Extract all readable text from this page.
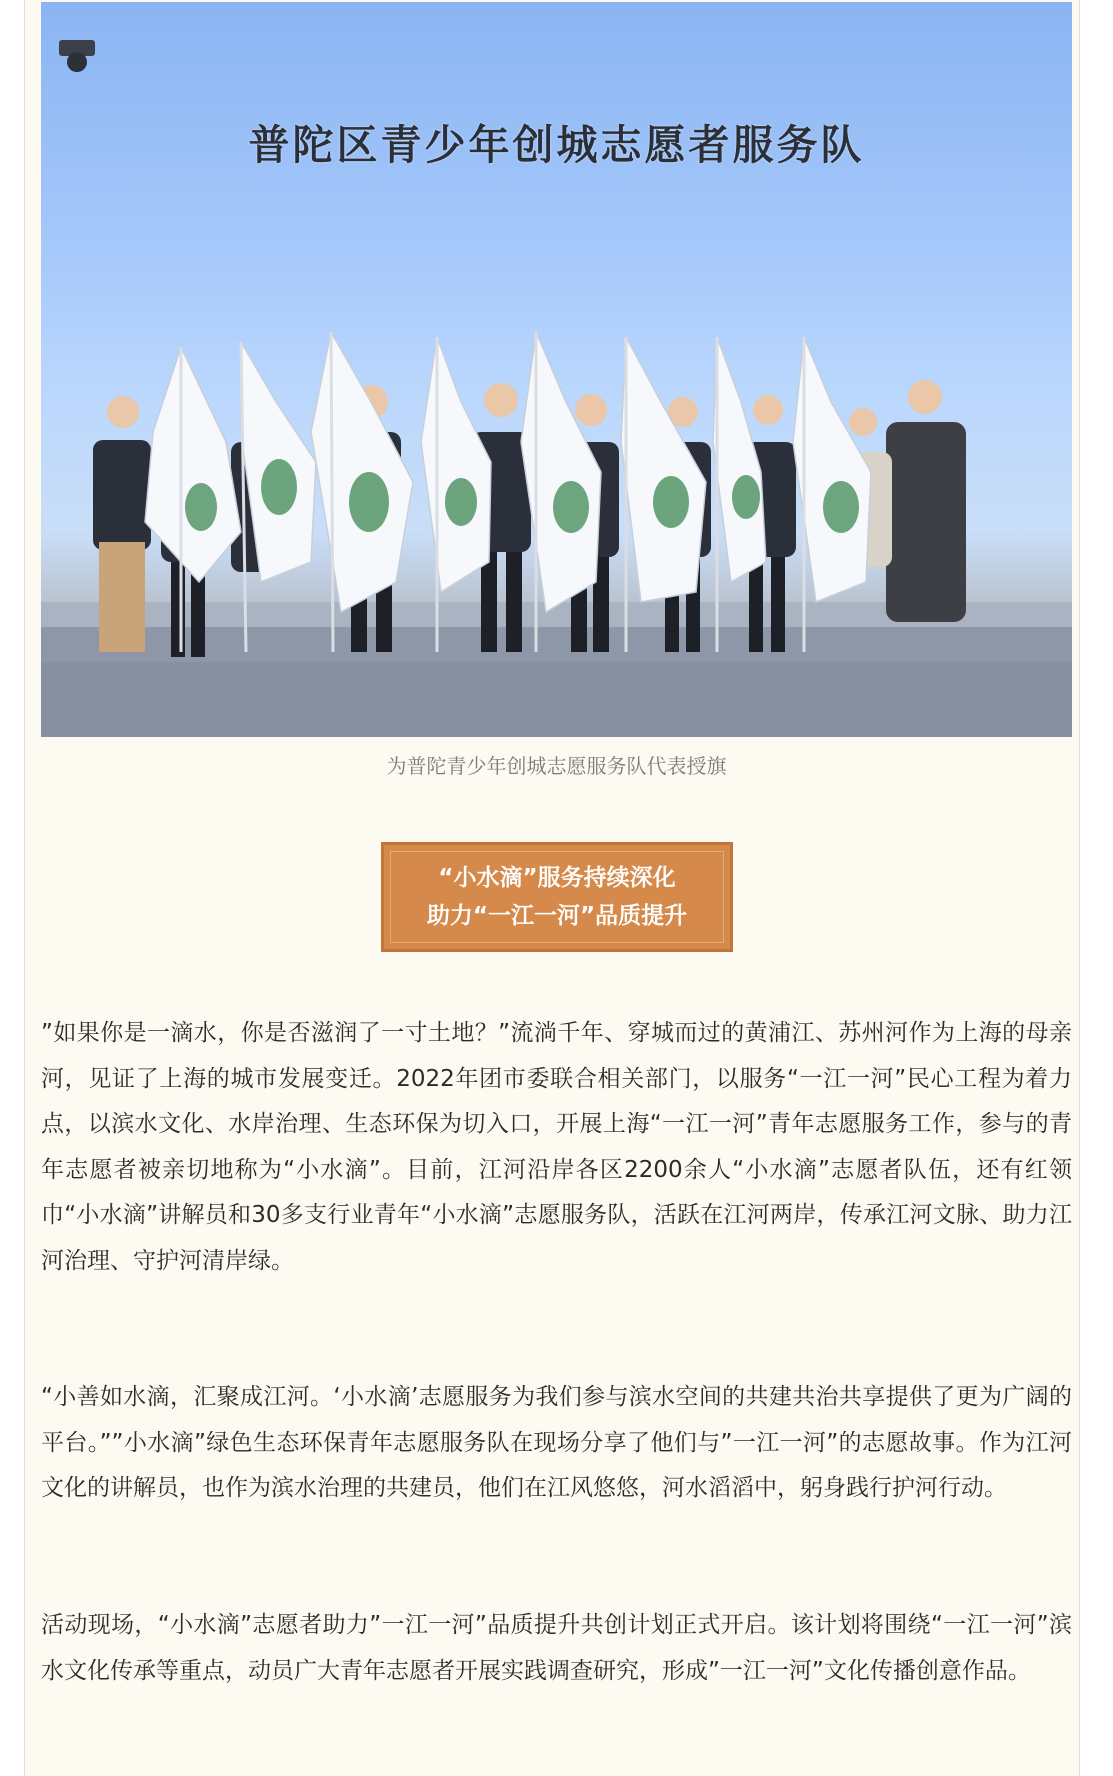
普陀区青少年创城志愿者服务队
为普陀青少年创城志愿服务队代表授旗
“小水滴”服务持续深化
助力“一江一河”品质提升
”如果你是一滴水，你是否滋润了一寸土地？”流淌千年、穿城而过的黄浦江、苏州河作为上海的母亲河，见证了上海的城市发展变迁。2022年团市委联合相关部门，以服务“一江一河”民心工程为着力点，以滨水文化、水岸治理、生态环保为切入口，开展上海“一江一河”青年志愿服务工作，参与的青年志愿者被亲切地称为“小水滴”。目前，江河沿岸各区2200余人“小水滴”志愿者队伍，还有红领巾“小水滴”讲解员和30多支行业青年“小水滴”志愿服务队，活跃在江河两岸，传承江河文脉、助力江河治理、守护河清岸绿。
“小善如水滴，汇聚成江河。‘小水滴’志愿服务为我们参与滨水空间的共建共治共享提供了更为广阔的平台。””小水滴”绿色生态环保青年志愿服务队在现场分享了他们与”一江一河”的志愿故事。作为江河文化的讲解员，也作为滨水治理的共建员，他们在江风悠悠，河水滔滔中，躬身践行护河行动。
活动现场，“小水滴”志愿者助力”一江一河”品质提升共创计划正式开启。该计划将围绕“一江一河”滨水文化传承等重点，动员广大青年志愿者开展实践调查研究，形成”一江一河”文化传播创意作品。
